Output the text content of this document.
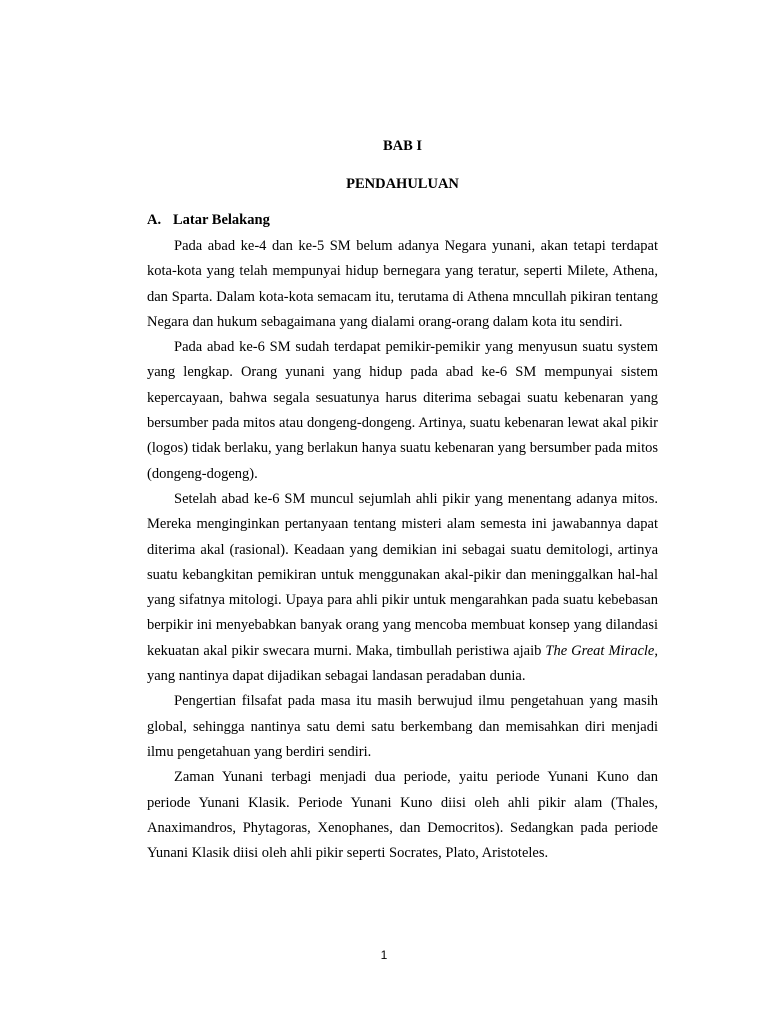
BAB I
PENDAHULUAN
A. Latar Belakang

Pada abad ke-4 dan ke-5 SM belum adanya Negara yunani, akan tetapi terdapat kota-kota yang telah mempunyai hidup bernegara yang teratur, seperti Milete, Athena, dan Sparta. Dalam kota-kota semacam itu, terutama di Athena mncullah pikiran tentang Negara dan hukum sebagaimana yang dialami orang-orang dalam kota itu sendiri.

Pada abad ke-6 SM sudah terdapat pemikir-pemikir yang menyusun suatu system yang lengkap. Orang yunani yang hidup pada abad ke-6 SM mempunyai sistem kepercayaan, bahwa segala sesuatunya harus diterima sebagai suatu kebenaran yang bersumber pada mitos atau dongeng-dongeng. Artinya, suatu kebenaran lewat akal pikir (logos) tidak berlaku, yang berlakun hanya suatu kebenaran yang bersumber pada mitos (dongeng-dogeng).

Setelah abad ke-6 SM muncul sejumlah ahli pikir yang menentang adanya mitos. Mereka menginginkan pertanyaan tentang misteri alam semesta ini jawabannya dapat diterima akal (rasional). Keadaan yang demikian ini sebagai suatu demitologi, artinya suatu kebangkitan pemikiran untuk menggunakan akal-pikir dan meninggalkan hal-hal yang sifatnya mitologi. Upaya para ahli pikir untuk mengarahkan pada suatu kebebasan berpikir ini menyebabkan banyak orang yang mencoba membuat konsep yang dilandasi kekuatan akal pikir swecara murni. Maka, timbullah peristiwa ajaib The Great Miracle, yang nantinya dapat dijadikan sebagai landasan peradaban dunia.

Pengertian filsafat pada masa itu masih berwujud ilmu pengetahuan yang masih global, sehingga nantinya satu demi satu berkembang dan memisahkan diri menjadi ilmu pengetahuan yang berdiri sendiri.

Zaman Yunani terbagi menjadi dua periode, yaitu periode Yunani Kuno dan periode Yunani Klasik. Periode Yunani Kuno diisi oleh ahli pikir alam (Thales, Anaximandros, Phytagoras, Xenophanes, dan Democritos). Sedangkan pada periode Yunani Klasik diisi oleh ahli pikir seperti Socrates, Plato, Aristoteles.

1
